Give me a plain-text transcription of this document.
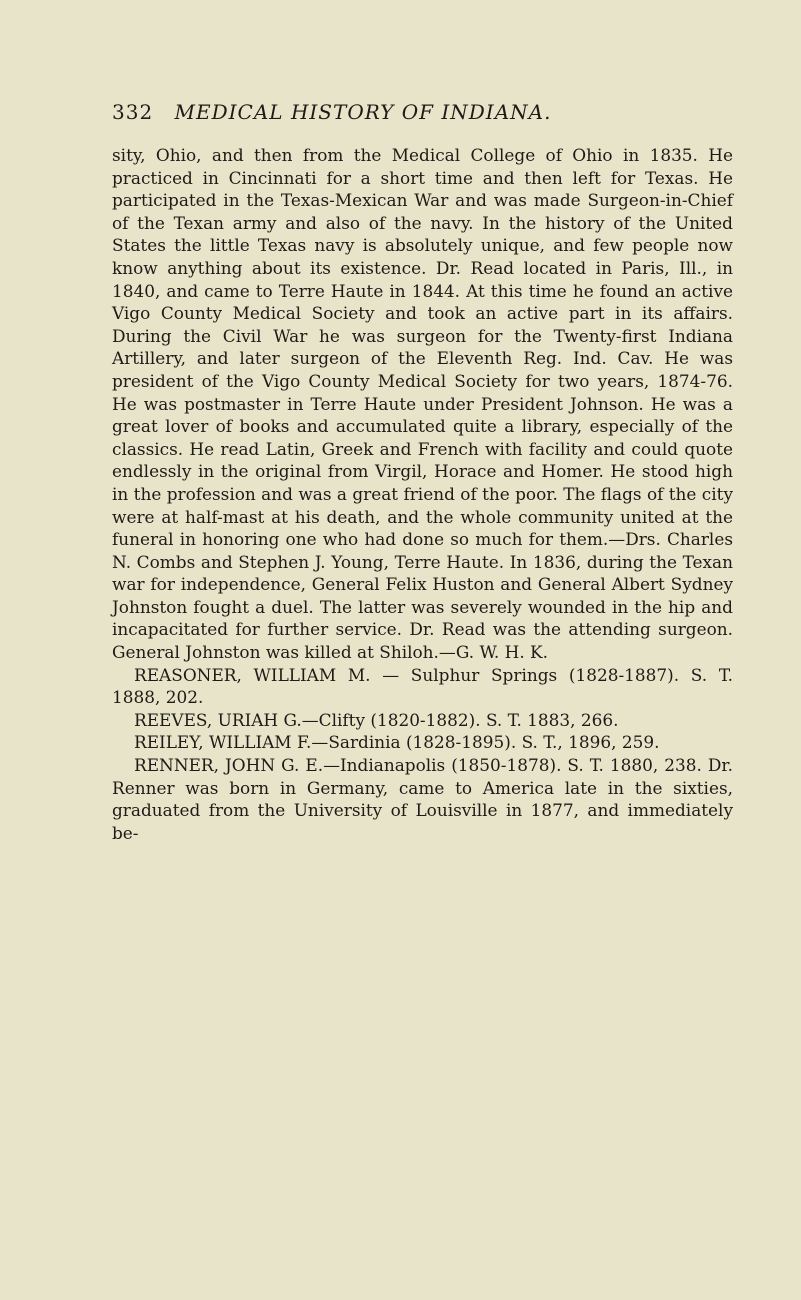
332 MEDICAL HISTORY OF INDIANA.

sity, Ohio, and then from the Medical College of Ohio in 1835. He practiced in Cincinnati for a short time and then left for Texas. He participated in the Texas-Mexican War and was made Surgeon-in-Chief of the Texan army and also of the navy. In the history of the United States the little Texas navy is absolutely unique, and few people now know anything about its existence. Dr. Read located in Paris, Ill., in 1840, and came to Terre Haute in 1844. At this time he found an active Vigo County Medical Society and took an active part in its affairs. During the Civil War he was surgeon for the Twenty-first Indiana Artillery, and later surgeon of the Eleventh Reg. Ind. Cav. He was president of the Vigo County Medical Society for two years, 1874-76. He was postmaster in Terre Haute under President Johnson. He was a great lover of books and accumulated quite a library, especially of the classics. He read Latin, Greek and French with facility and could quote endlessly in the original from Virgil, Horace and Homer. He stood high in the profession and was a great friend of the poor. The flags of the city were at half-mast at his death, and the whole community united at the funeral in honoring one who had done so much for them.—Drs. Charles N. Combs and Stephen J. Young, Terre Haute. In 1836, during the Texan war for independence, General Felix Huston and General Albert Sydney Johnston fought a duel. The latter was severely wounded in the hip and incapacitated for further service. Dr. Read was the attending surgeon. General Johnston was killed at Shiloh.—G. W. H. K.

REASONER, WILLIAM M. — Sulphur Springs (1828-1887). S. T. 1888, 202.

REEVES, URIAH G.—Clifty (1820-1882). S. T. 1883, 266.

REILEY, WILLIAM F.—Sardinia (1828-1895). S. T., 1896, 259.

RENNER, JOHN G. E.—Indianapolis (1850-1878). S. T. 1880, 238. Dr. Renner was born in Germany, came to America late in the sixties, graduated from the University of Louisville in 1877, and immediately be-
